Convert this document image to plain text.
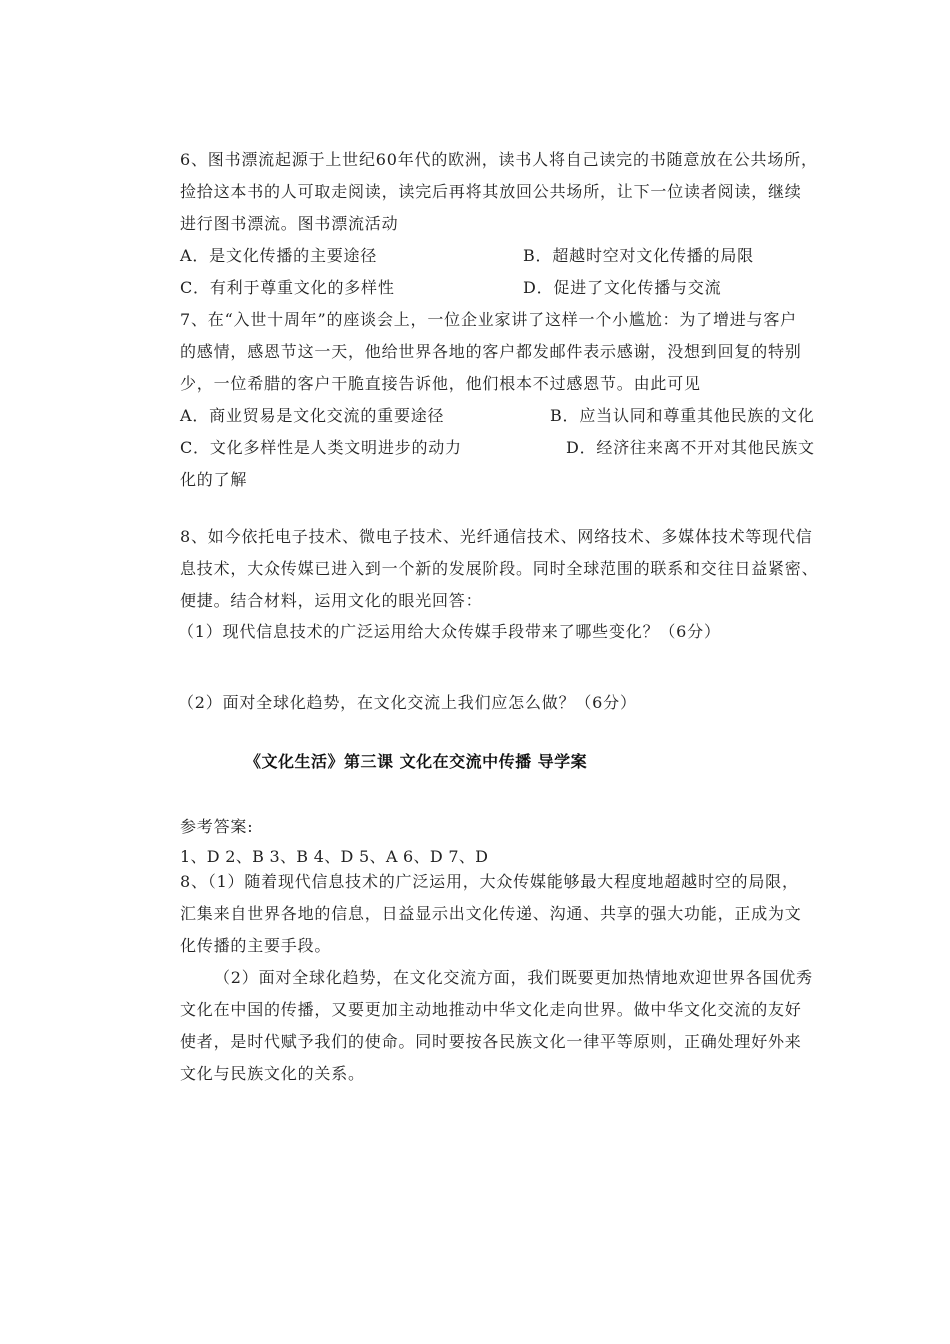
6、图书漂流起源于上世纪60年代的欧洲，读书人将自己读完的书随意放在公共场所，
捡拾这本书的人可取走阅读，读完后再将其放回公共场所，让下一位读者阅读，继续
进行图书漂流。图书漂流活动
A．是文化传播的主要途径	B．超越时空对文化传播的局限
C．有利于尊重文化的多样性	D．促进了文化传播与交流
7、在“入世十周年”的座谈会上，一位企业家讲了这样一个小尴尬：为了增进与客户
的感情，感恩节这一天，他给世界各地的客户都发邮件表示感谢，没想到回复的特别
少，一位希腊的客户干脆直接告诉他，他们根本不过感恩节。由此可见
A．商业贸易是文化交流的重要途径	B．应当认同和尊重其他民族的文化
C．文化多样性是人类文明进步的动力	D．经济往来离不开对其他民族文
化的了解
8、如今依托电子技术、微电子技术、光纤通信技术、网络技术、多媒体技术等现代信
息技术，大众传媒已进入到一个新的发展阶段。同时全球范围的联系和交往日益紧密、
便捷。结合材料，运用文化的眼光回答：
（1）现代信息技术的广泛运用给大众传媒手段带来了哪些变化？（6分）
（2）面对全球化趋势，在文化交流上我们应怎么做？（6分）
《文化生活》第三课 文化在交流中传播 导学案
参考答案:
1、D 2、B 3、B 4、D 5、A 6、D 7、D
8、（1）随着现代信息技术的广泛运用，大众传媒能够最大程度地超越时空的局限，
汇集来自世界各地的信息，日益显示出文化传递、沟通、共享的强大功能，正成为文
化传播的主要手段。
（2）面对全球化趋势，在文化交流方面，我们既要更加热情地欢迎世界各国优秀
文化在中国的传播，又要更加主动地推动中华文化走向世界。做中华文化交流的友好
使者，是时代赋予我们的使命。同时要按各民族文化一律平等原则，正确处理好外来
文化与民族文化的关系。
